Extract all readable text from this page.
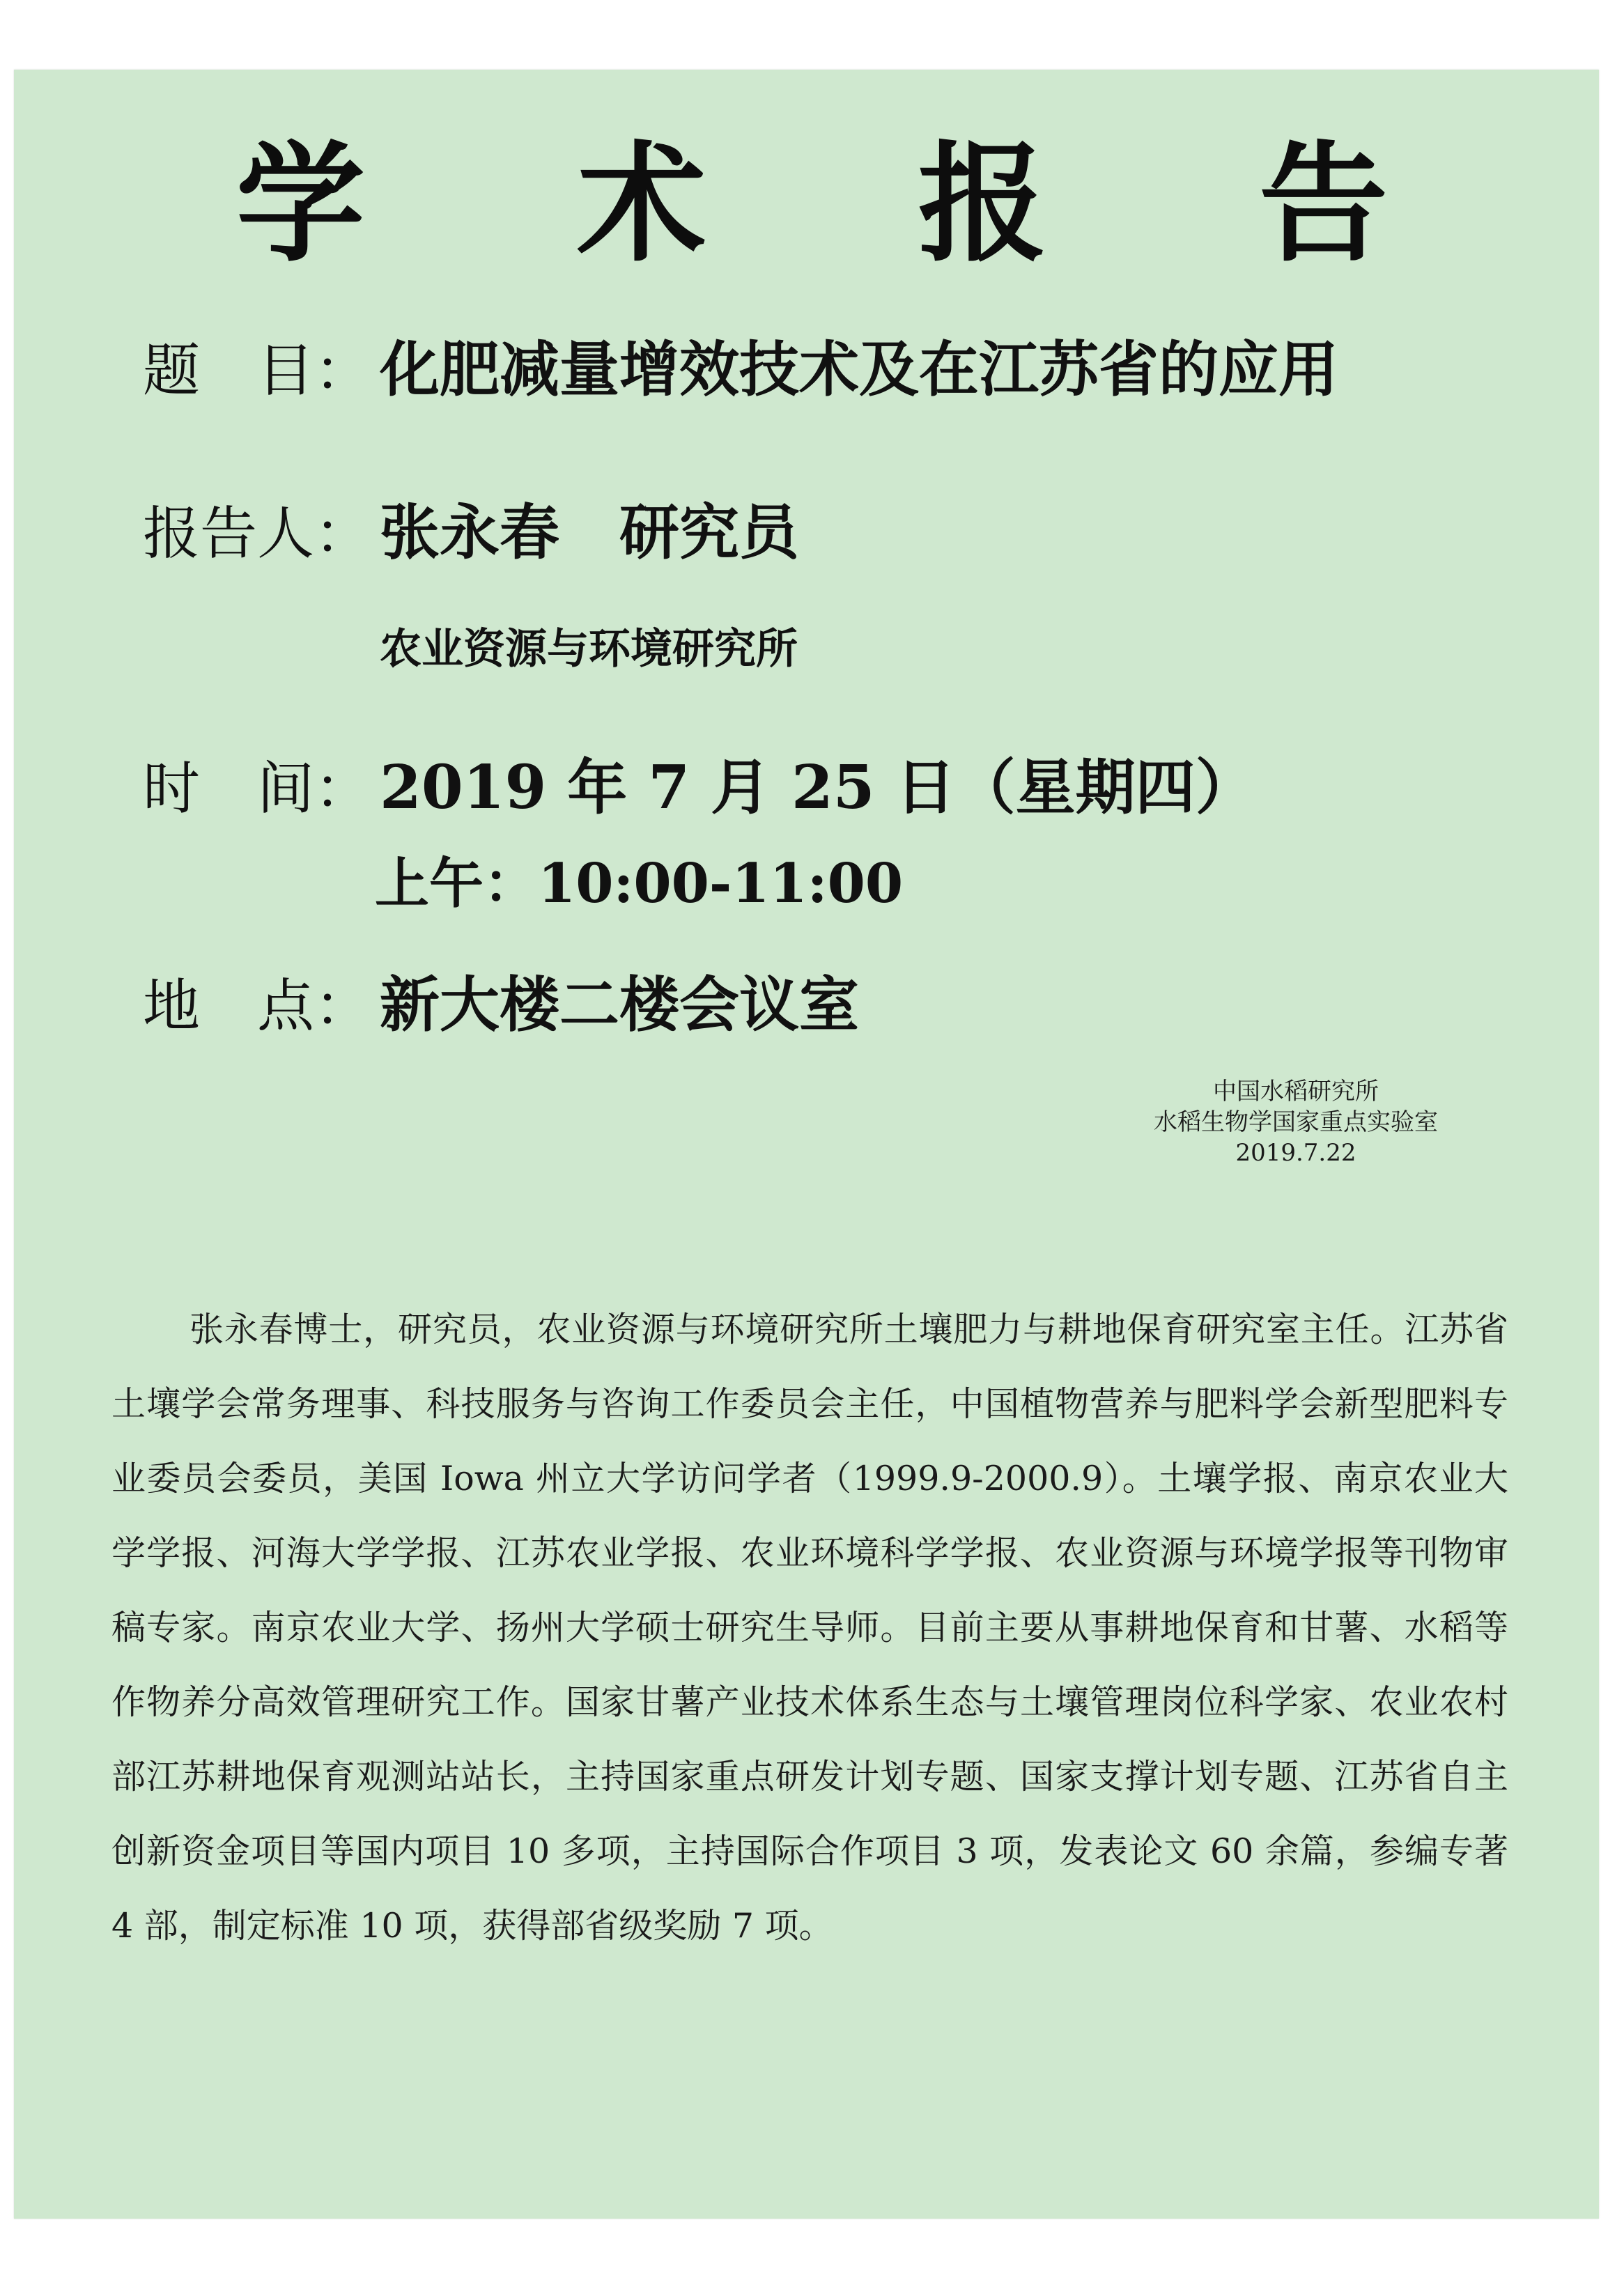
学 术 报 告
题　目： 化肥减量增效技术及在江苏省的应用
报告人： 张永春　研究员
农业资源与环境研究所
时　间： 2019 年 7 月 25 日（星期四）
上午：10:00-11:00
地　点： 新大楼二楼会议室
中国水稻研究所
水稻生物学国家重点实验室
2019.7.22
张永春博士，研究员，农业资源与环境研究所土壤肥力与耕地保育研究室主任。江苏省土壤学会常务理事、科技服务与咨询工作委员会主任，中国植物营养与肥料学会新型肥料专业委员会委员，美国 Iowa 州立大学访问学者（1999.9-2000.9）。土壤学报、南京农业大学学报、河海大学学报、江苏农业学报、农业环境科学学报、农业资源与环境学报等刊物审稿专家。南京农业大学、扬州大学硕士研究生导师。目前主要从事耕地保育和甘薯、水稻等作物养分高效管理研究工作。国家甘薯产业技术体系生态与土壤管理岗位科学家、农业农村部江苏耕地保育观测站站长，主持国家重点研发计划专题、国家支撑计划专题、江苏省自主创新资金项目等国内项目 10 多项，主持国际合作项目 3 项，发表论文 60 余篇，参编专著 4 部，制定标准 10 项，获得部省级奖励 7 项。
